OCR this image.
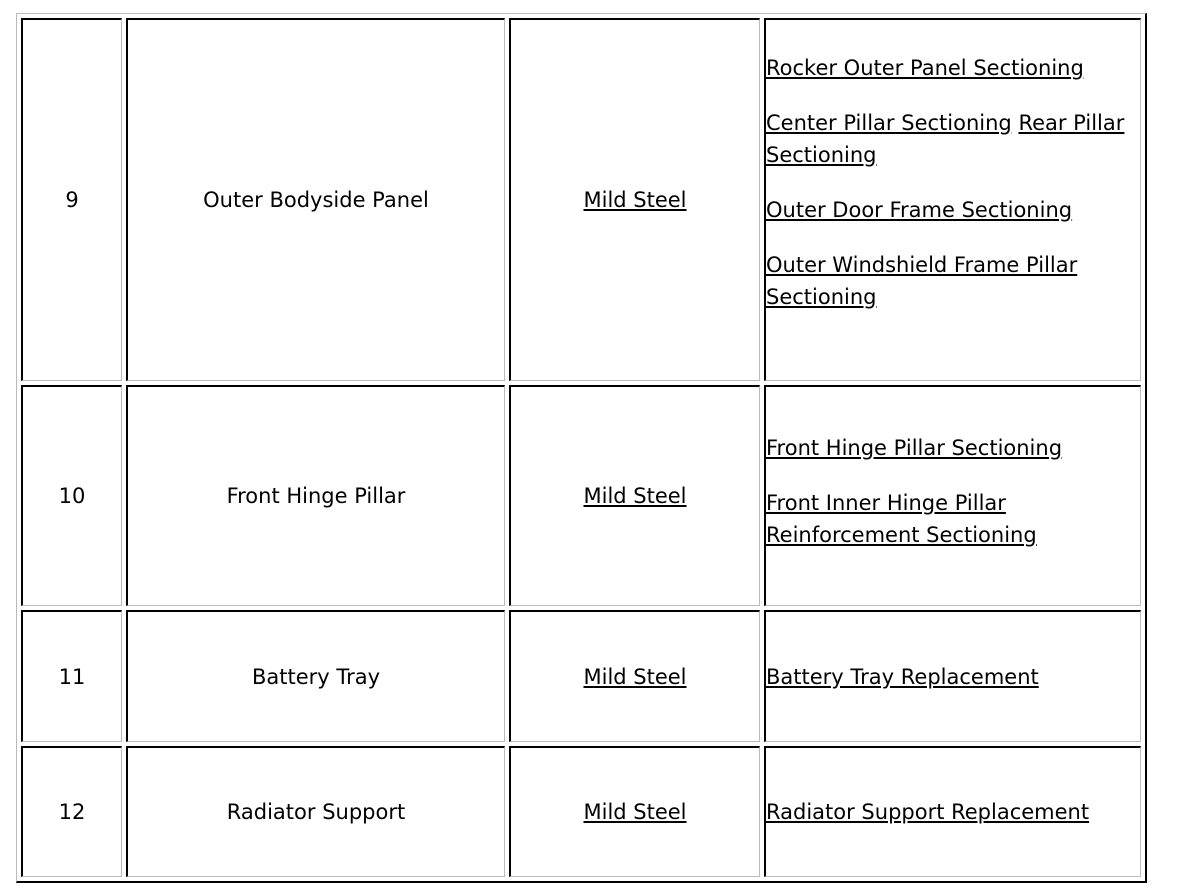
9	Outer Bodyside Panel	Mild Steel	Rocker Outer Panel Sectioning
Center Pillar Sectioning Rear Pillar Sectioning
Outer Door Frame Sectioning
Outer Windshield Frame Pillar Sectioning

10	Front Hinge Pillar	Mild Steel	Front Hinge Pillar Sectioning
Front Inner Hinge Pillar Reinforcement Sectioning

11	Battery Tray	Mild Steel	Battery Tray Replacement

12	Radiator Support	Mild Steel	Radiator Support Replacement
